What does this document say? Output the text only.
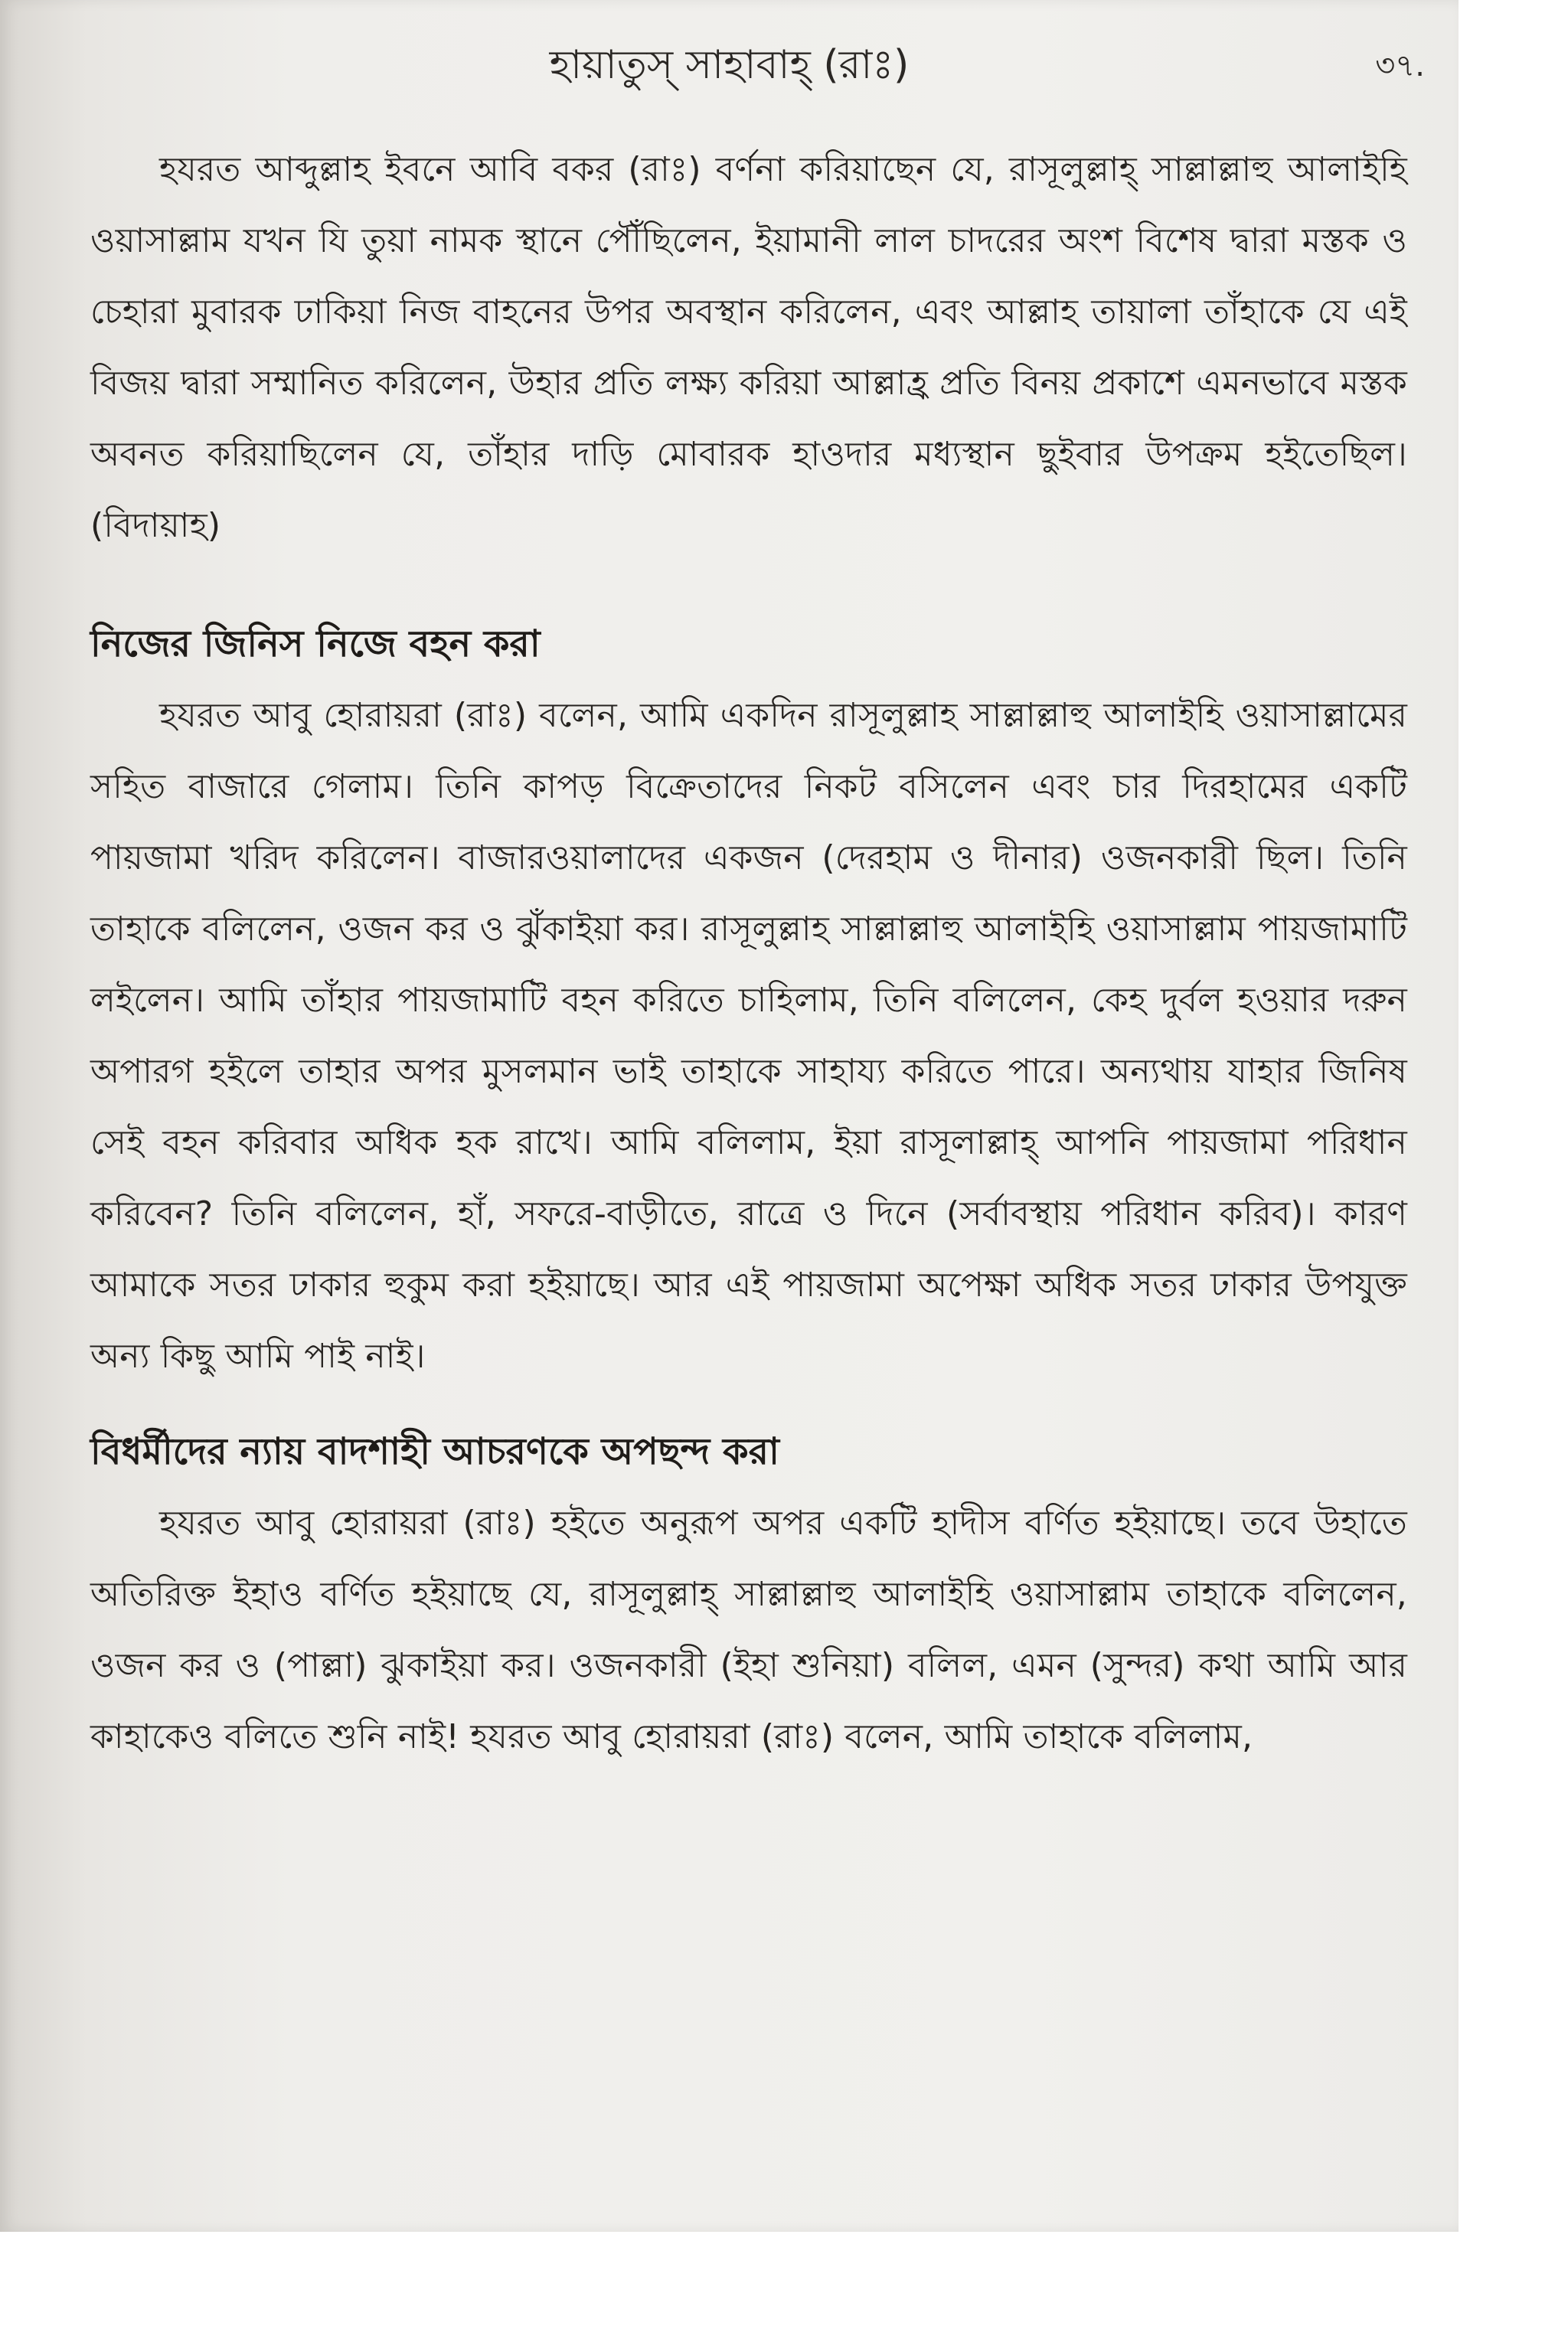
হায়াতুস্ সাহাবাহ্ (রাঃ)	৩৭.

হযরত আব্দুল্লাহ ইবনে আবি বকর (রাঃ) বর্ণনা করিয়াছেন যে, রাসূলুল্লাহ্ সাল্লাল্লাহু আলাইহি ওয়াসাল্লাম যখন যি তুয়া নামক স্থানে পৌঁছিলেন, ইয়ামানী লাল চাদরের অংশ বিশেষ দ্বারা মস্তক ও চেহারা মুবারক ঢাকিয়া নিজ বাহনের উপর অবস্থান করিলেন, এবং আল্লাহ তায়ালা তাঁহাকে যে এই বিজয় দ্বারা সম্মানিত করিলেন, উহার প্রতি লক্ষ্য করিয়া আল্লাহ্র প্রতি বিনয় প্রকাশে এমনভাবে মস্তক অবনত করিয়াছিলেন যে, তাঁহার দাড়ি মোবারক হাওদার মধ্যস্থান ছুইবার উপক্রম হইতেছিল। (বিদায়াহ)

নিজের জিনিস নিজে বহন করা

হযরত আবু হোরায়রা (রাঃ) বলেন, আমি একদিন রাসূলুল্লাহ সাল্লাল্লাহু আলাইহি ওয়াসাল্লামের সহিত বাজারে গেলাম। তিনি কাপড় বিক্রেতাদের নিকট বসিলেন এবং চার দিরহামের একটি পায়জামা খরিদ করিলেন। বাজারওয়ালাদের একজন (দেরহাম ও দীনার) ওজনকারী ছিল। তিনি তাহাকে বলিলেন, ওজন কর ও ঝুঁকাইয়া কর। রাসূলুল্লাহ সাল্লাল্লাহু আলাইহি ওয়াসাল্লাম পায়জামাটি লইলেন। আমি তাঁহার পায়জামাটি বহন করিতে চাহিলাম, তিনি বলিলেন, কেহ দুর্বল হওয়ার দরুন অপারগ হইলে তাহার অপর মুসলমান ভাই তাহাকে সাহায্য করিতে পারে। অন্যথায় যাহার জিনিষ সেই বহন করিবার অধিক হক রাখে। আমি বলিলাম, ইয়া রাসূলাল্লাহ্ আপনি পায়জামা পরিধান করিবেন? তিনি বলিলেন, হাঁ, সফরে-বাড়ীতে, রাত্রে ও দিনে (সর্বাবস্থায় পরিধান করিব)। কারণ আমাকে সতর ঢাকার হুকুম করা হইয়াছে। আর এই পায়জামা অপেক্ষা অধিক সতর ঢাকার উপযুক্ত অন্য কিছু আমি পাই নাই।

বিধর্মীদের ন্যায় বাদশাহী আচরণকে অপছন্দ করা

হযরত আবু হোরায়রা (রাঃ) হইতে অনুরূপ অপর একটি হাদীস বর্ণিত হইয়াছে। তবে উহাতে অতিরিক্ত ইহাও বর্ণিত হইয়াছে যে, রাসূলুল্লাহ্ সাল্লাল্লাহু আলাইহি ওয়াসাল্লাম তাহাকে বলিলেন, ওজন কর ও (পাল্লা) ঝুকাইয়া কর। ওজনকারী (ইহা শুনিয়া) বলিল, এমন (সুন্দর) কথা আমি আর কাহাকেও বলিতে শুনি নাই! হযরত আবু হোরায়রা (রাঃ) বলেন, আমি তাহাকে বলিলাম,
